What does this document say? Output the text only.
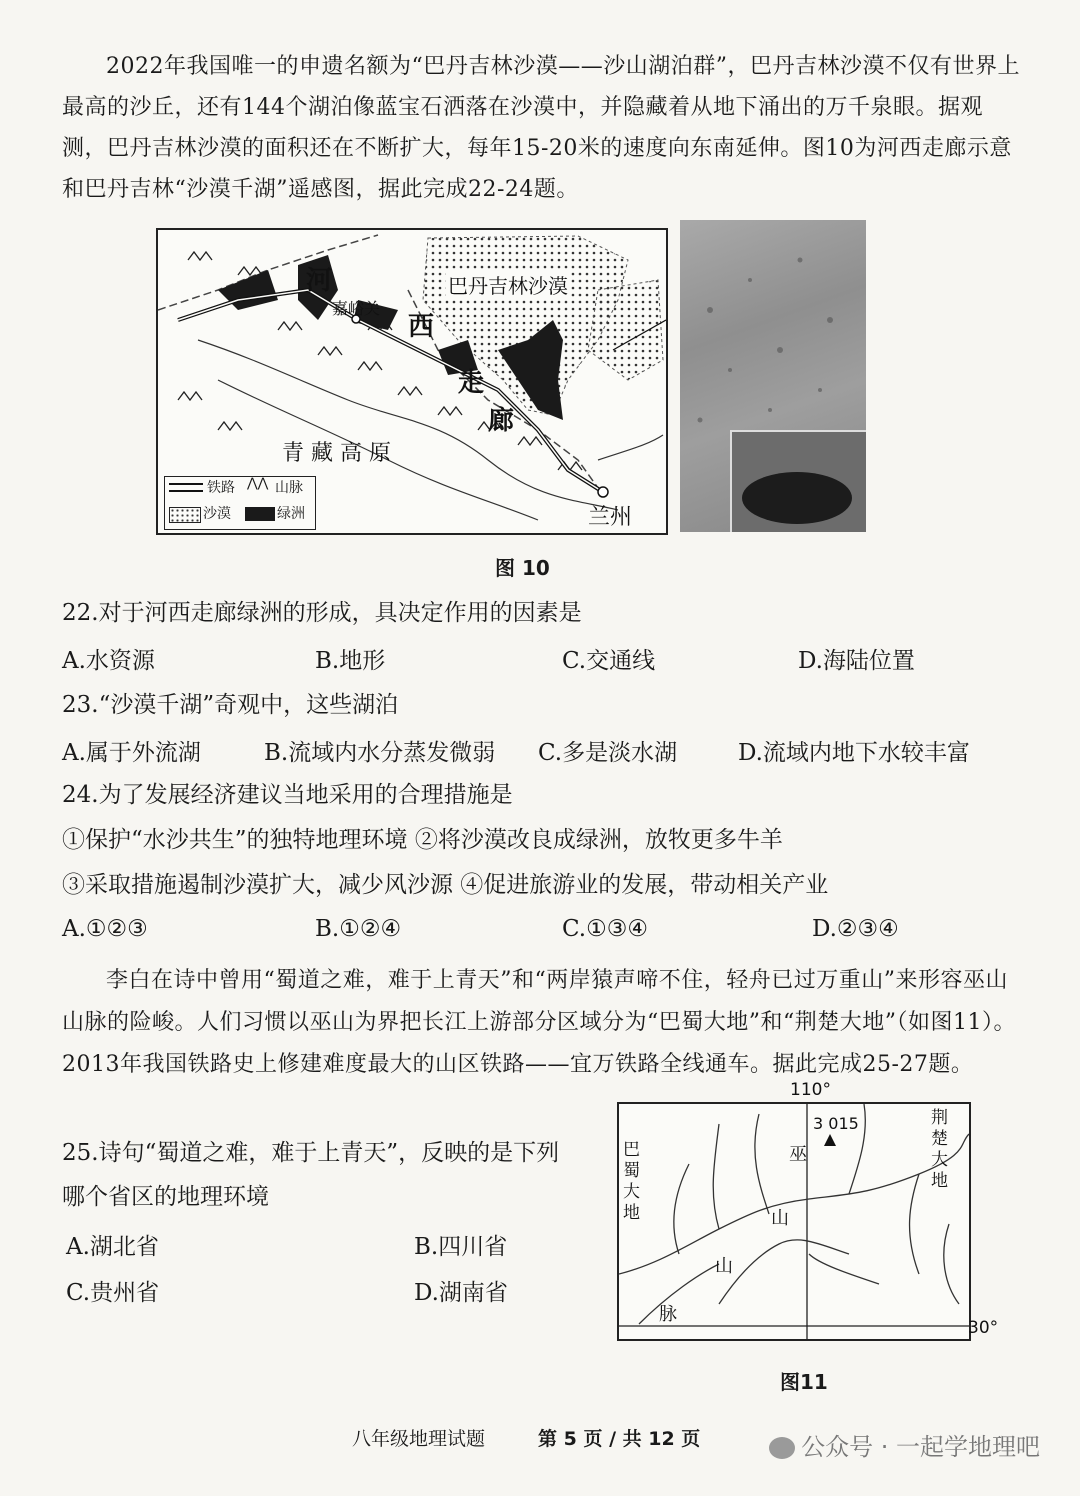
2022年我国唯一的申遗名额为“巴丹吉林沙漠——沙山湖泊群”，巴丹吉林沙漠不仅有世界上最高的沙丘，还有144个湖泊像蓝宝石洒落在沙漠中，并隐藏着从地下涌出的万千泉眼。据观测，巴丹吉林沙漠的面积还在不断扩大，每年15-20米的速度向东南延伸。图10为河西走廊示意和巴丹吉林“沙漠千湖”遥感图，据此完成22-24题。
河
嘉峪关
西
走
廊
巴丹吉林沙漠
青 藏 高 原
兰州
铁路 ⋀⋀ 山脉
沙漠	绿洲
图 10
22.对于河西走廊绿洲的形成，具决定作用的因素是
A.水资源	B.地形	C.交通线	D.海陆位置
23.“沙漠千湖”奇观中，这些湖泊
A.属于外流湖	B.流域内水分蒸发微弱 C.多是淡水湖	D.流域内地下水较丰富
24.为了发展经济建议当地采用的合理措施是
①保护“水沙共生”的独特地理环境 ②将沙漠改良成绿洲，放牧更多牛羊
③采取措施遏制沙漠扩大，减少风沙源 ④促进旅游业的发展，带动相关产业
A.①②③	B.①②④	C.①③④	D.②③④
李白在诗中曾用“蜀道之难，难于上青天”和“两岸猿声啼不住，轻舟已过万重山”来形容巫山山脉的险峻。人们习惯以巫山为界把长江上游部分区域分为“巴蜀大地”和“荆楚大地”（如图11）。2013年我国铁路史上修建难度最大的山区铁路——宜万铁路全线通车。据此完成25-27题。
25.诗句“蜀道之难，难于上青天”，反映的是下列
哪个省区的地理环境
A.湖北省	B.四川省
C.贵州省	D.湖南省
110°
3 015
巫
山
山
脉
巴蜀大地
荆楚大地
30°
图11
八年级地理试题	第 5 页 / 共 12 页	公众号 · 一起学地理吧
